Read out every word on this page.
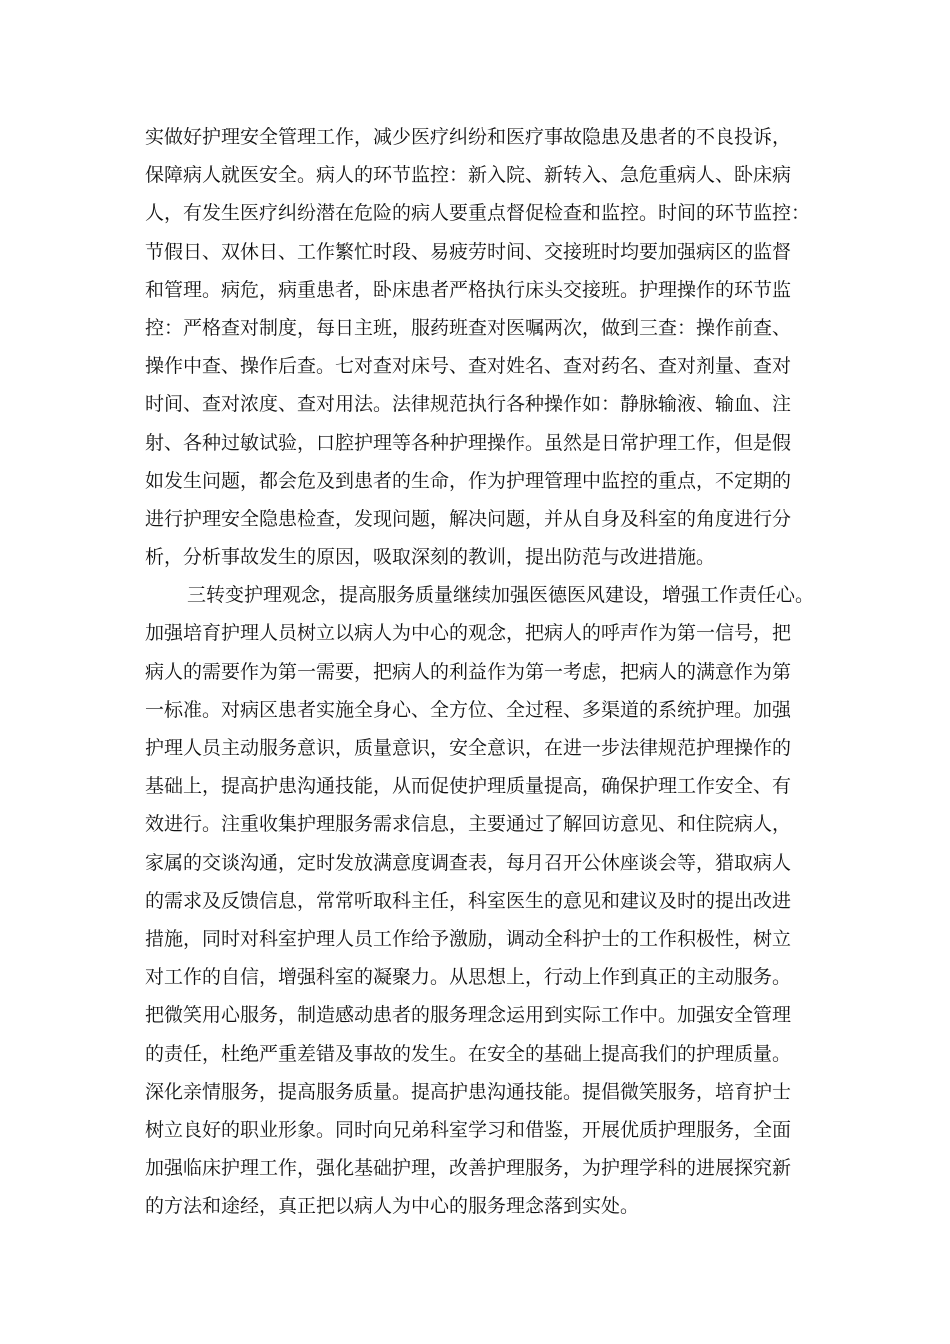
实做好护理安全管理工作，减少医疗纠纷和医疗事故隐患及患者的不良投诉，
保障病人就医安全。病人的环节监控：新入院、新转入、急危重病人、卧床病
人，有发生医疗纠纷潜在危险的病人要重点督促检查和监控。时间的环节监控：
节假日、双休日、工作繁忙时段、易疲劳时间、交接班时均要加强病区的监督
和管理。病危，病重患者，卧床患者严格执行床头交接班。护理操作的环节监
控：严格查对制度，每日主班，服药班查对医嘱两次，做到三查：操作前查、
操作中查、操作后查。七对查对床号、查对姓名、查对药名、查对剂量、查对
时间、查对浓度、查对用法。法律规范执行各种操作如：静脉输液、输血、注
射、各种过敏试验，口腔护理等各种护理操作。虽然是日常护理工作，但是假
如发生问题，都会危及到患者的生命，作为护理管理中监控的重点，不定期的
进行护理安全隐患检查，发现问题，解决问题，并从自身及科室的角度进行分
析，分析事故发生的原因，吸取深刻的教训，提出防范与改进措施。
三转变护理观念，提高服务质量继续加强医德医风建设，增强工作责任心。
加强培育护理人员树立以病人为中心的观念，把病人的呼声作为第一信号，把
病人的需要作为第一需要，把病人的利益作为第一考虑，把病人的满意作为第
一标准。对病区患者实施全身心、全方位、全过程、多渠道的系统护理。加强
护理人员主动服务意识，质量意识，安全意识，在进一步法律规范护理操作的
基础上，提高护患沟通技能，从而促使护理质量提高，确保护理工作安全、有
效进行。注重收集护理服务需求信息，主要通过了解回访意见、和住院病人，
家属的交谈沟通，定时发放满意度调查表，每月召开公休座谈会等，猎取病人
的需求及反馈信息，常常听取科主任，科室医生的意见和建议及时的提出改进
措施，同时对科室护理人员工作给予激励，调动全科护士的工作积极性，树立
对工作的自信，增强科室的凝聚力。从思想上，行动上作到真正的主动服务。
把微笑用心服务，制造感动患者的服务理念运用到实际工作中。加强安全管理
的责任，杜绝严重差错及事故的发生。在安全的基础上提高我们的护理质量。
深化亲情服务，提高服务质量。提高护患沟通技能。提倡微笑服务，培育护士
树立良好的职业形象。同时向兄弟科室学习和借鉴，开展优质护理服务，全面
加强临床护理工作，强化基础护理，改善护理服务，为护理学科的进展探究新
的方法和途经，真正把以病人为中心的服务理念落到实处。
